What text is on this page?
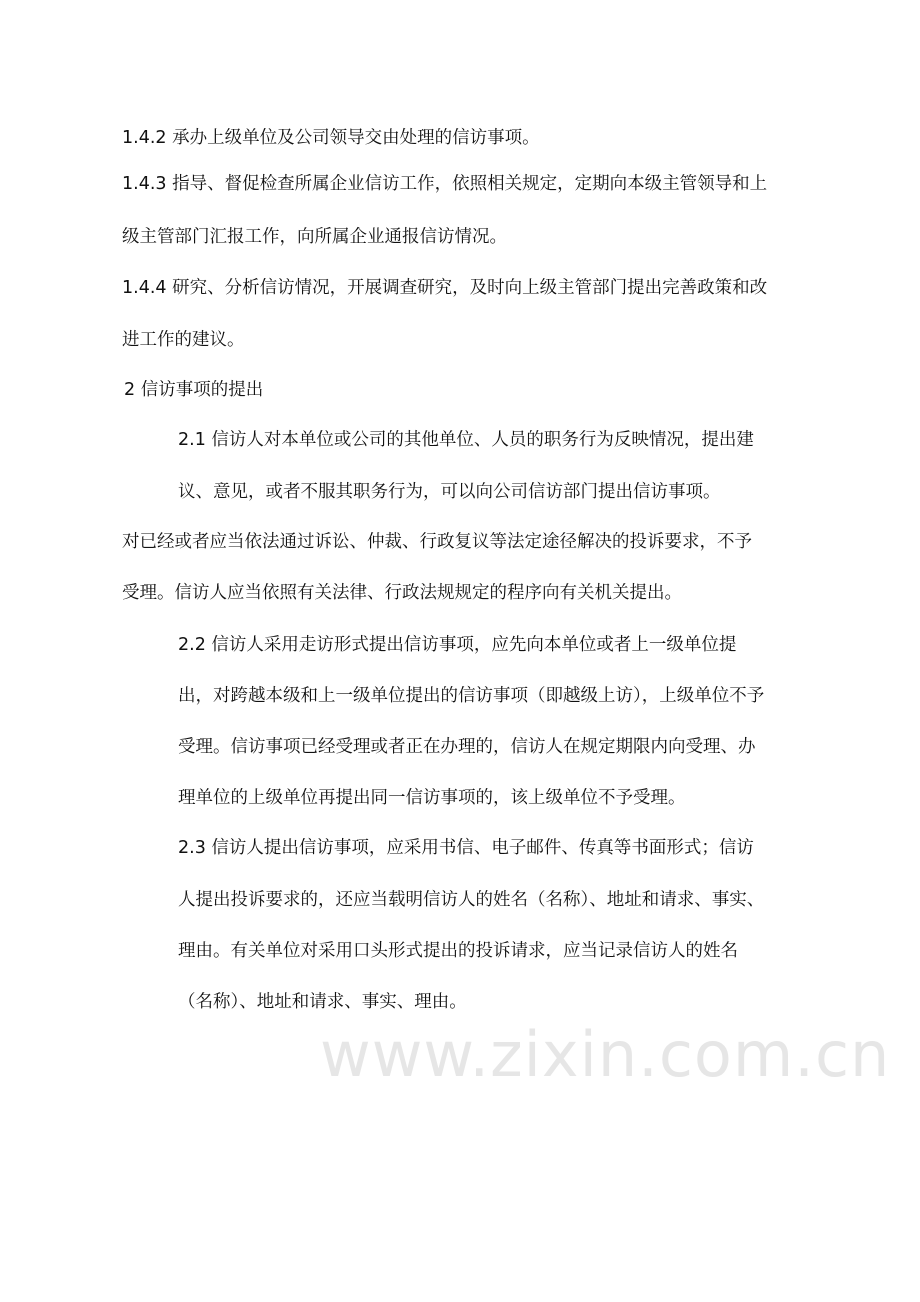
1.4.2 承办上级单位及公司领导交由处理的信访事项。
1.4.3 指导、督促检查所属企业信访工作，依照相关规定，定期向本级主管领导和上
级主管部门汇报工作，向所属企业通报信访情况。
1.4.4 研究、分析信访情况，开展调查研究，及时向上级主管部门提出完善政策和改
进工作的建议。
2 信访事项的提出
2.1 信访人对本单位或公司的其他单位、人员的职务行为反映情况，提出建
议、意见，或者不服其职务行为，可以向公司信访部门提出信访事项。
对已经或者应当依法通过诉讼、仲裁、行政复议等法定途径解决的投诉要求，不予
受理。信访人应当依照有关法律、行政法规规定的程序向有关机关提出。
2.2 信访人采用走访形式提出信访事项，应先向本单位或者上一级单位提
出，对跨越本级和上一级单位提出的信访事项（即越级上访），上级单位不予
受理。信访事项已经受理或者正在办理的，信访人在规定期限内向受理、办
理单位的上级单位再提出同一信访事项的，该上级单位不予受理。
2.3 信访人提出信访事项，应采用书信、电子邮件、传真等书面形式；信访
人提出投诉要求的，还应当载明信访人的姓名（名称）、地址和请求、事实、
理由。有关单位对采用口头形式提出的投诉请求，应当记录信访人的姓名
（名称）、地址和请求、事实、理由。
www.zixin.com.cn
